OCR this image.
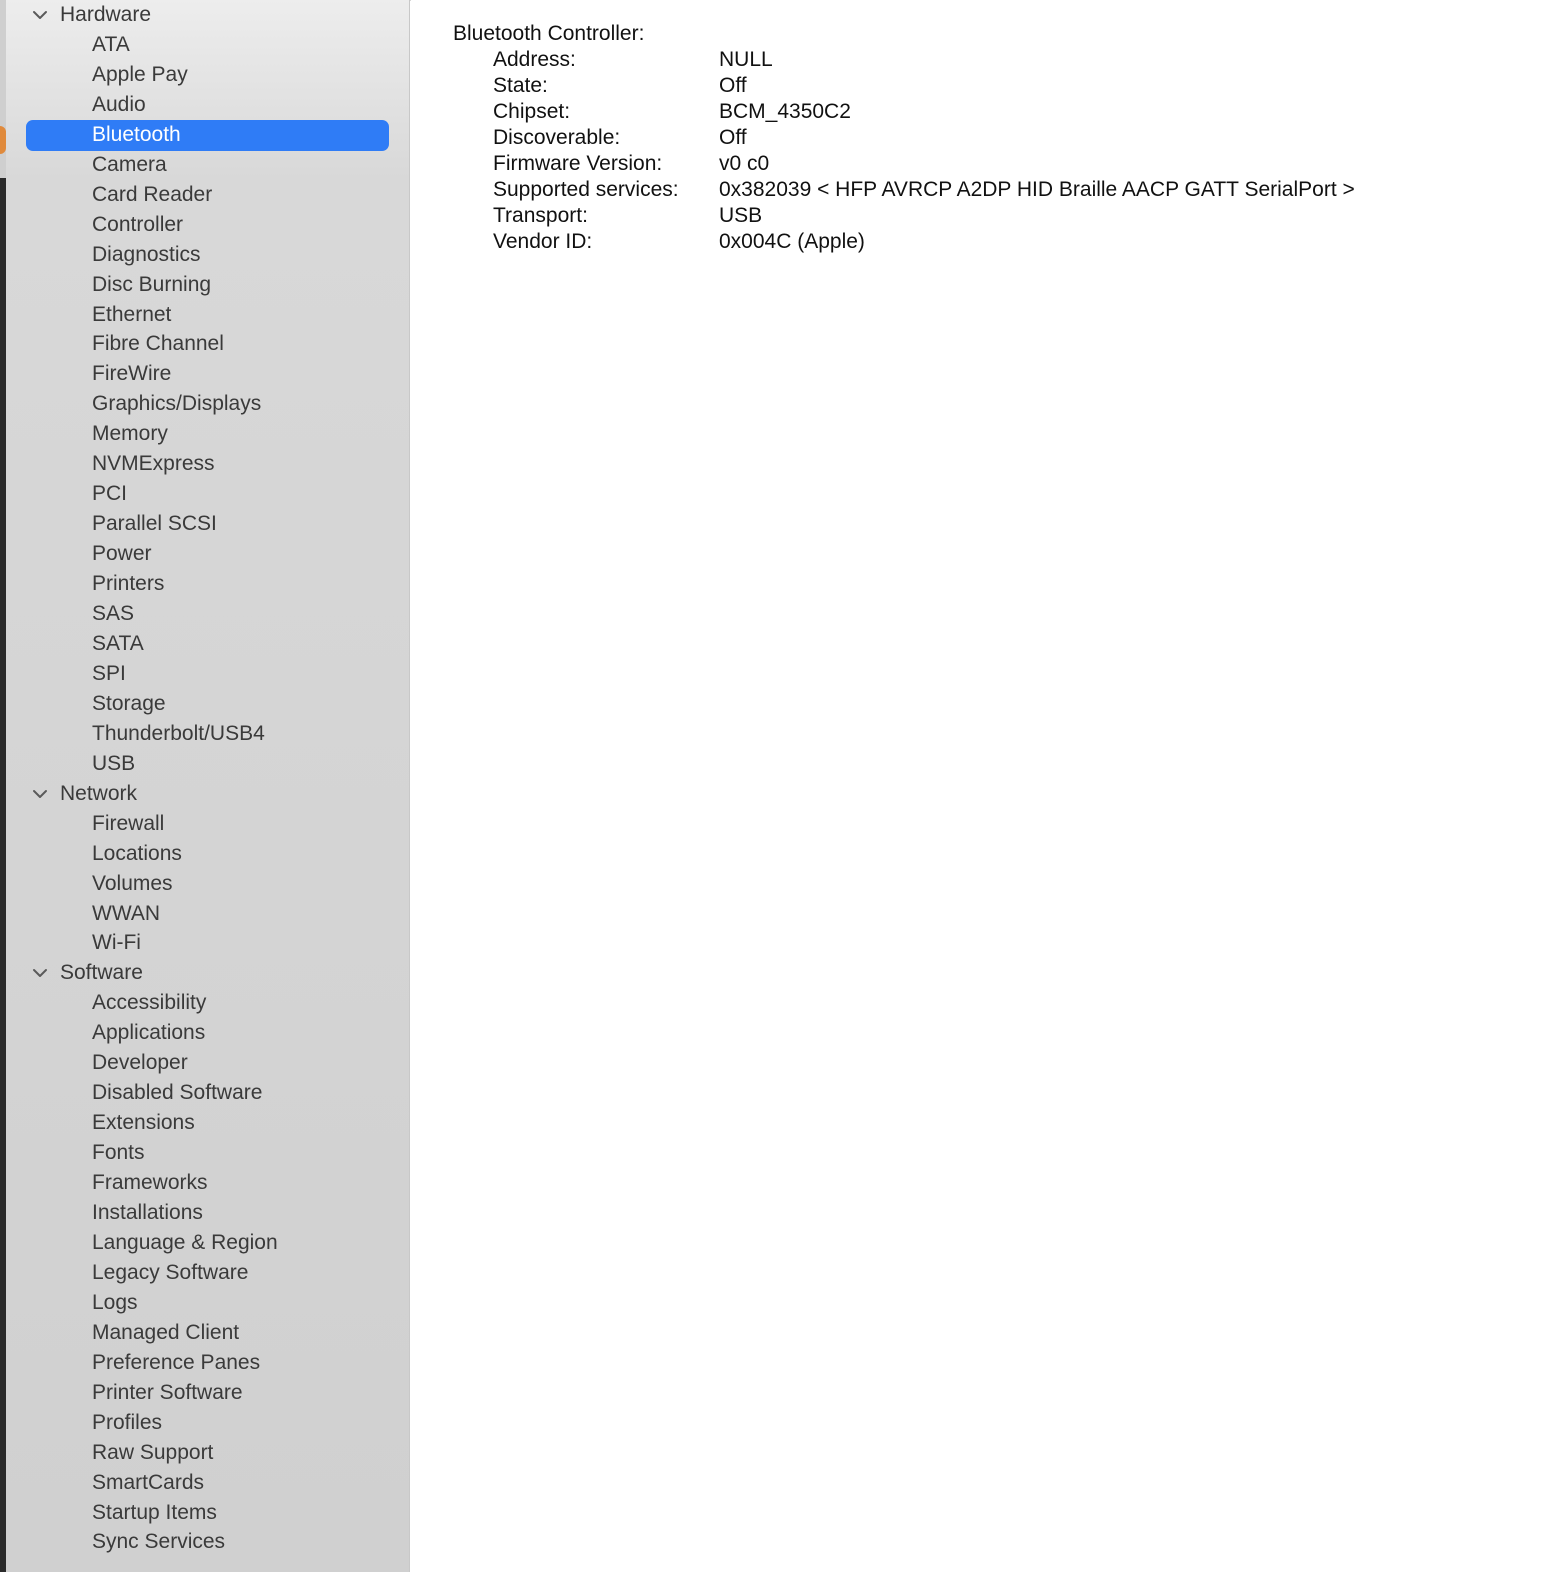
Hardware
ATA
Apple Pay
Audio
Bluetooth
Camera
Card Reader
Controller
Diagnostics
Disc Burning
Ethernet
Fibre Channel
FireWire
Graphics/Displays
Memory
NVMExpress
PCI
Parallel SCSI
Power
Printers
SAS
SATA
SPI
Storage
Thunderbolt/USB4
USB
Network
Firewall
Locations
Volumes
WWAN
Wi-Fi
Software
Accessibility
Applications
Developer
Disabled Software
Extensions
Fonts
Frameworks
Installations
Language & Region
Legacy Software
Logs
Managed Client
Preference Panes
Printer Software
Profiles
Raw Support
SmartCards
Startup Items
Sync Services
Bluetooth Controller:
Address:	NULL
State:	Off
Chipset:	BCM_4350C2
Discoverable:	Off
Firmware Version:	v0 c0
Supported services: 0x382039 < HFP AVRCP A2DP HID Braille AACP GATT SerialPort >
Transport:	USB
Vendor ID:	0x004C (Apple)
